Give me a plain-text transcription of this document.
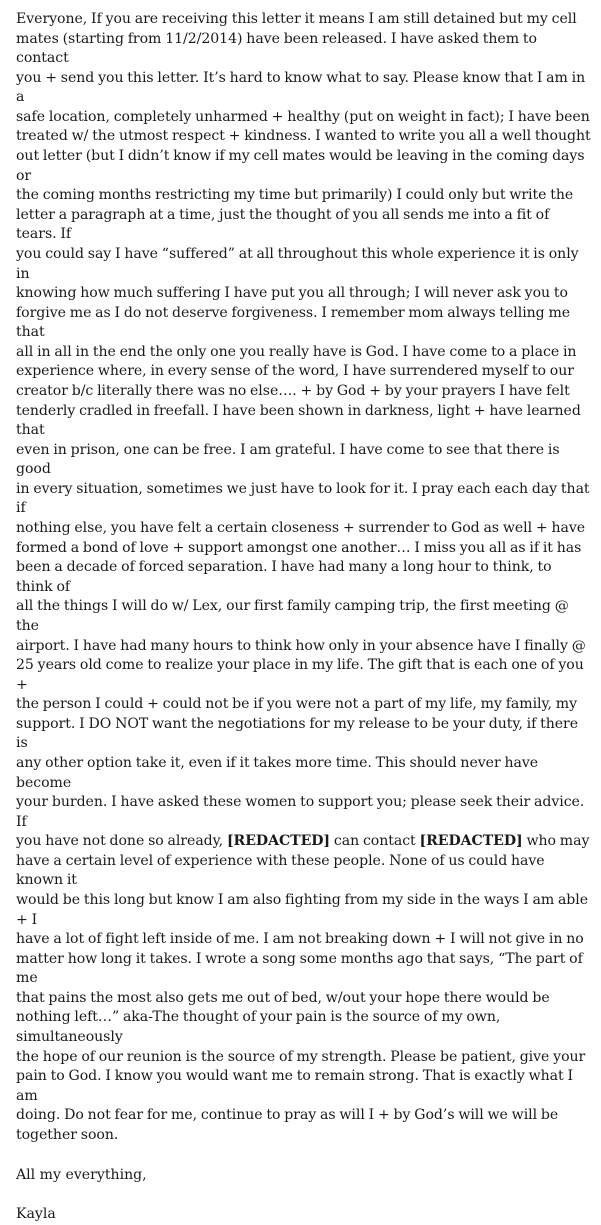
Everyone, If you are receiving this letter it means I am still detained but my cell
mates (starting from 11/2/2014) have been released. I have asked them to contact
you + send you this letter. It’s hard to know what to say. Please know that I am in a
safe location, completely unharmed + healthy (put on weight in fact); I have been
treated w/ the utmost respect + kindness. I wanted to write you all a well thought
out letter (but I didn’t know if my cell mates would be leaving in the coming days or
the coming months restricting my time but primarily) I could only but write the
letter a paragraph at a time, just the thought of you all sends me into a fit of tears. If
you could say I have “suffered” at all throughout this whole experience it is only in
knowing how much suffering I have put you all through; I will never ask you to
forgive me as I do not deserve forgiveness. I remember mom always telling me that
all in all in the end the only one you really have is God. I have come to a place in
experience where, in every sense of the word, I have surrendered myself to our
creator b/c literally there was no else…. + by God + by your prayers I have felt
tenderly cradled in freefall. I have been shown in darkness, light + have learned that
even in prison, one can be free. I am grateful. I have come to see that there is good
in every situation, sometimes we just have to look for it. I pray each each day that if
nothing else, you have felt a certain closeness + surrender to God as well + have
formed a bond of love + support amongst one another… I miss you all as if it has
been a decade of forced separation. I have had many a long hour to think, to think of
all the things I will do w/ Lex, our first family camping trip, the first meeting @ the
airport. I have had many hours to think how only in your absence have I finally @
25 years old come to realize your place in my life. The gift that is each one of you +
the person I could + could not be if you were not a part of my life, my family, my
support. I DO NOT want the negotiations for my release to be your duty, if there is
any other option take it, even if it takes more time. This should never have become
your burden. I have asked these women to support you; please seek their advice. If
you have not done so already, [REDACTED] can contact [REDACTED] who may
have a certain level of experience with these people. None of us could have known it
would be this long but know I am also fighting from my side in the ways I am able + I
have a lot of fight left inside of me. I am not breaking down + I will not give in no
matter how long it takes. I wrote a song some months ago that says, “The part of me
that pains the most also gets me out of bed, w/out your hope there would be
nothing left…” aka-The thought of your pain is the source of my own, simultaneously
the hope of our reunion is the source of my strength. Please be patient, give your
pain to God. I know you would want me to remain strong. That is exactly what I am
doing. Do not fear for me, continue to pray as will I + by God’s will we will be
together soon.

All my everything,

Kayla
